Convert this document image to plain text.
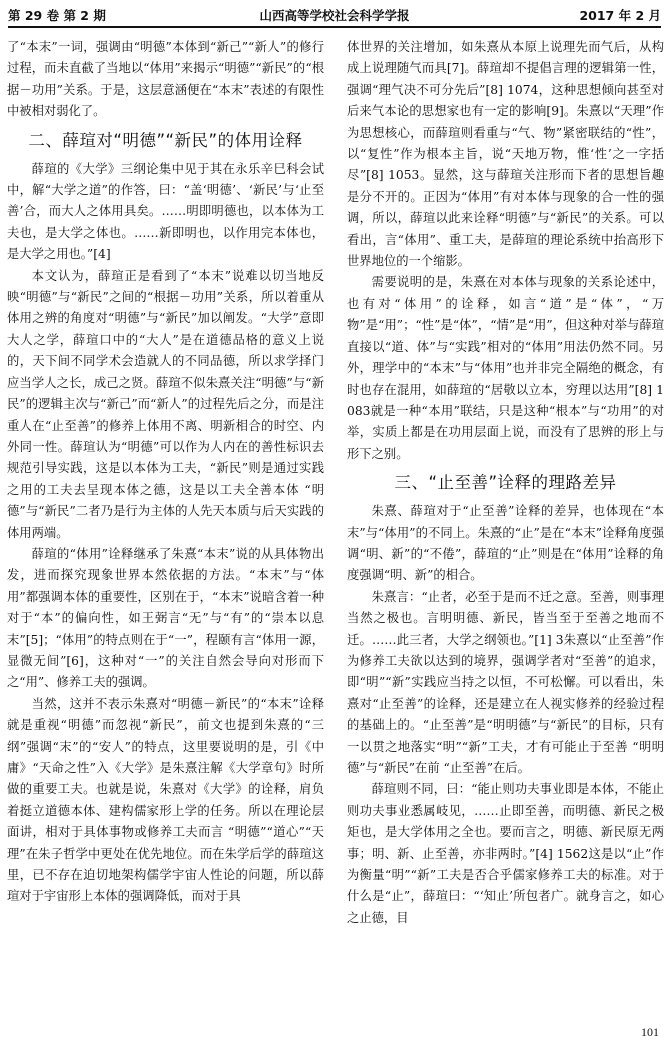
第 29 卷 第 2 期	山西高等学校社会科学学报	2017 年 2 月

了“本末”一词，强调由“明德”本体到“新己”“新人”的修行过程，而未直截了当地以“体用”来揭示“明德”“新民”的“根据－功用”关系。于是，这层意涵便在“本末”表述的有限性中被相对弱化了。

二、薛瑄对“明德”“新民”的体用诠释

薛瑄的《大学》三纲论集中见于其在永乐辛巳科会试中，解“大学之道”的作答，曰：“盖‘明德’、‘新民’与‘止至善’合，而大人之体用具矣。……明即明德也，以本体为工夫也，是大学之体也。……新即明也，以作用完本体也，是大学之用也。”[4]

本文认为，薛瑄正是看到了“本末”说难以切当地反映“明德”与“新民”之间的“根据－功用”关系，所以着重从体用之辨的角度对“明德”与“新民”加以阐发。“大学”意即大人之学，薛瑄口中的“大人”是在道德品格的意义上说的，天下间不同学术会造就人的不同品德，所以求学择门应当学人之长，成己之贤。薛瑄不似朱熹关注“明德”与“新民”的逻辑主次与“新己”而“新人”的过程先后之分，而是注重人在“止至善”的修养上体用不离、明新相合的时空、内外同一性。薛瑄认为“明德”可以作为人内在的善性标识去规范引导实践，这是以本体为工夫，“新民”则是通过实践之用的工夫去呈现本体之德，这是以工夫全善本体 “明德”与“新民”二者乃是行为主体的人先天本质与后天实践的体用两端。

薛瑄的“体用”诠释继承了朱熹“本末”说的从具体物出发，进而探究现象世界本然依据的方法。“本末”与“体用”都强调本体的重要性，区别在于，“本末”说暗含着一种对于“本”的偏向性，如王弼言“无”与“有”的“崇本以息末”[5]；“体用”的特点则在于“一”，程颐有言“体用一源，显微无间”[6]，这种对“一”的关注自然会导向对形而下之“用”、修养工夫的强调。

当然，这并不表示朱熹对“明德－新民”的“本末”诠释就是重视“明德”而忽视“新民”，前文也提到朱熹的“三纲”强调“末”的“安人”的特点，这里要说明的是，引《中庸》“天命之性”入《大学》是朱熹注解《大学章句》时所做的重要工夫。也就是说，朱熹对《大学》的诠释，肩负着挺立道德本体、建构儒家形上学的任务。所以在理论层面讲，相对于具体事物或修养工夫而言 “明德”“道心”“天理”在朱子哲学中更处在优先地位。而在朱学后学的薛瑄这里，已不存在迫切地架构儒学宇宙人性论的问题，所以薛瑄对于宇宙形上本体的强调降低，而对于具

体世界的关注增加，如朱熹从本原上说理先而气后，从构成上说理随气而具[7]。薛瑄却不提倡言理的逻辑第一性，强调“理气决不可分先后”[8] 1074，这种思想倾向甚至对后来气本论的思想家也有一定的影响[9]。朱熹以“天理”作为思想核心，而薛瑄则看重与“气、物”紧密联结的“性”，以“复性”作为根本主旨，说“天地万物，惟‘性’之一字括尽”[8] 1053。显然，这与薛瑄关注形而下者的思想旨趣是分不开的。正因为“体用”有对本体与现象的合一性的强调，所以，薛瑄以此来诠释“明德”与“新民”的关系。可以看出，言“体用”、重工夫，是薛瑄的理论系统中抬高形下世界地位的一个缩影。

需要说明的是，朱熹在对本体与现象的关系论述中，也有对“体用”的诠释，如言“道”是“体”，“万物”是“用”；“性”是“体”，“情”是“用”，但这种对举与薛瑄直接以“道、体”与“实践”相对的“体用”用法仍然不同。另外，理学中的“本末”与“体用”也并非完全隔绝的概念，有时也存在混用，如薛瑄的“居敬以立本，穷理以达用”[8] 1083就是一种“本用”联结，只是这种“根本”与“功用”的对举，实质上都是在功用层面上说，而没有了思辨的形上与形下之别。

三、“止至善”诠释的理路差异

朱熹、薛瑄对于“止至善”诠释的差异，也体现在“本末”与“体用”的不同上。朱熹的“止”是在“本末”诠释角度强调“明、新”的“不倦”，薛瑄的“止”则是在“体用”诠释的角度强调“明、新”的相合。

朱熹言：“止者，必至于是而不迁之意。至善，则事理当然之极也。言明明德、新民，皆当至于至善之地而不迁。……此三者，大学之纲领也。”[1] 3朱熹以“止至善”作为修养工夫欲以达到的境界，强调学者对“至善”的追求，即“明”“新”实践应当持之以恒，不可松懈。可以看出，朱熹对“止至善”的诠释，还是建立在人视实修养的经验过程的基础上的。“止至善”是“明明德”与“新民”的目标，只有一以贯之地落实“明”“新”工夫，才有可能止于至善 “明明德”与“新民”在前 “止至善”在后。

薛瑄则不同，曰：“能止则功夫事业即是本体，不能止则功夫事业悉属岐见，……止即至善，而明德、新民之极矩也，是大学体用之全也。要而言之，明德、新民原无两事；明、新、止至善，亦非两时。”[4] 1562这是以“止”作为衡量“明”“新”工夫是否合乎儒家修养工夫的标准。对于什么是“止”，薛瑄曰：“‘知止’所包者广。就身言之，如心之止德，目

101
